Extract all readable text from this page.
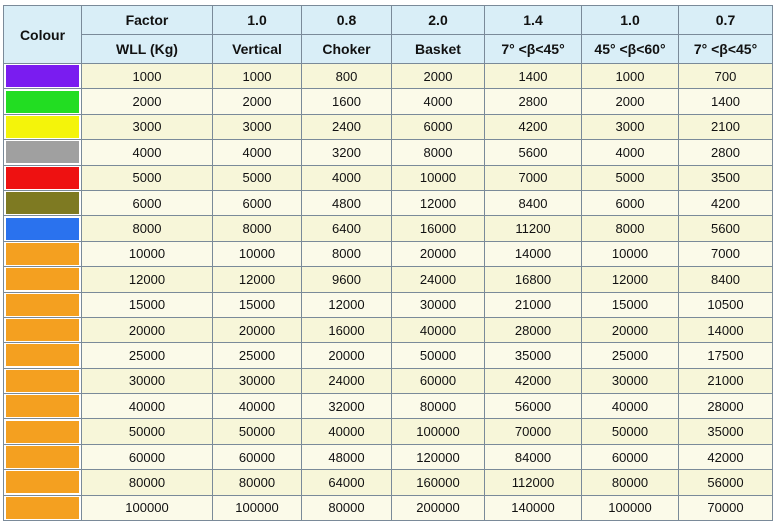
Colour	Factor	1.0	0.8	2.0	1.4	1.0	0.7
	WLL (Kg)	Vertical	Choker	Basket	7° <β<45°	45° <β<60°	7° <β<45°

	1000	1000	800	2000	1400	1000	700

	2000	2000	1600	4000	2800	2000	1400

	3000	3000	2400	6000	4200	3000	2100

	4000	4000	3200	8000	5600	4000	2800

	5000	5000	4000	10000	7000	5000	3500

	6000	6000	4800	12000	8400	6000	4200

	8000	8000	6400	16000	11200	8000	5600

	10000	10000	8000	20000	14000	10000	7000

	12000	12000	9600	24000	16800	12000	8400

	15000	15000	12000	30000	21000	15000	10500

	20000	20000	16000	40000	28000	20000	14000

	25000	25000	20000	50000	35000	25000	17500

	30000	30000	24000	60000	42000	30000	21000

	40000	40000	32000	80000	56000	40000	28000

	50000	50000	40000	100000	70000	50000	35000

	60000	60000	48000	120000	84000	60000	42000

	80000	80000	64000	160000	112000	80000	56000

	100000	100000	80000	200000	140000	100000	70000
